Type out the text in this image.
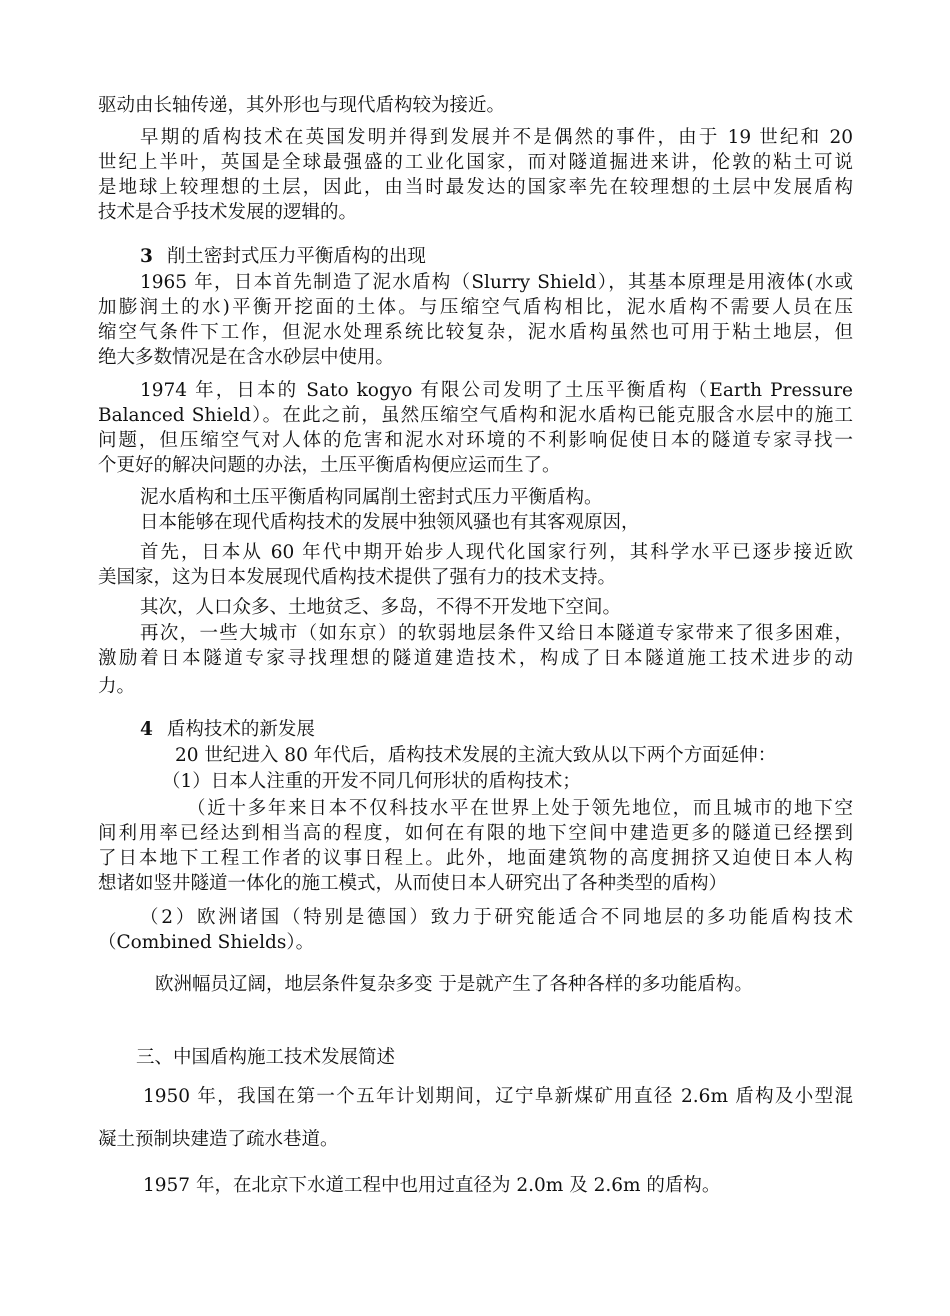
驱动由长轴传递，其外形也与现代盾构较为接近。
早期的盾构技术在英国发明并得到发展并不是偶然的事件，由于 19 世纪和 20
世纪上半叶，英国是全球最强盛的工业化国家，而对隧道掘进来讲，伦敦的粘土可说
是地球上较理想的土层，因此，由当时最发达的国家率先在较理想的土层中发展盾构
技术是合乎技术发展的逻辑的。
3 削土密封式压力平衡盾构的出现
1965 年，日本首先制造了泥水盾构（Slurry Shield），其基本原理是用液体(水或
加膨润土的水)平衡开挖面的土体。与压缩空气盾构相比，泥水盾构不需要人员在压
缩空气条件下工作，但泥水处理系统比较复杂，泥水盾构虽然也可用于粘土地层，但
绝大多数情况是在含水砂层中使用。
1974 年，日本的 Sato kogyo 有限公司发明了土压平衡盾构（Earth Pressure
Balanced Shield）。在此之前，虽然压缩空气盾构和泥水盾构已能克服含水层中的施工
问题，但压缩空气对人体的危害和泥水对环境的不利影响促使日本的隧道专家寻找一
个更好的解决问题的办法，土压平衡盾构便应运而生了。
泥水盾构和土压平衡盾构同属削土密封式压力平衡盾构。
日本能够在现代盾构技术的发展中独领风骚也有其客观原因，
首先，日本从 60 年代中期开始步人现代化国家行列，其科学水平已逐步接近欧
美国家，这为日本发展现代盾构技术提供了强有力的技术支持。
其次，人口众多、土地贫乏、多岛，不得不开发地下空间。
再次，一些大城市（如东京）的软弱地层条件又给日本隧道专家带来了很多困难，
激励着日本隧道专家寻找理想的隧道建造技术，构成了日本隧道施工技术进步的动
力。
4 盾构技术的新发展
20 世纪进入 80 年代后，盾构技术发展的主流大致从以下两个方面延伸：
（1）日本人注重的开发不同几何形状的盾构技术；
（近十多年来日本不仅科技水平在世界上处于领先地位，而且城市的地下空
间利用率已经达到相当高的程度，如何在有限的地下空间中建造更多的隧道已经摆到
了日本地下工程工作者的议事日程上。此外，地面建筑物的高度拥挤又迫使日本人构
想诸如竖井隧道一体化的施工模式，从而使日本人研究出了各种类型的盾构）
（2）欧洲诸国（特别是德国）致力于研究能适合不同地层的多功能盾构技术
（Combined Shields）。
欧洲幅员辽阔，地层条件复杂多变 于是就产生了各种各样的多功能盾构。
三、中国盾构施工技术发展简述
1950 年，我国在第一个五年计划期间，辽宁阜新煤矿用直径 2.6m 盾构及小型混
凝土预制块建造了疏水巷道。
1957 年，在北京下水道工程中也用过直径为 2.0m 及 2.6m 的盾构。
